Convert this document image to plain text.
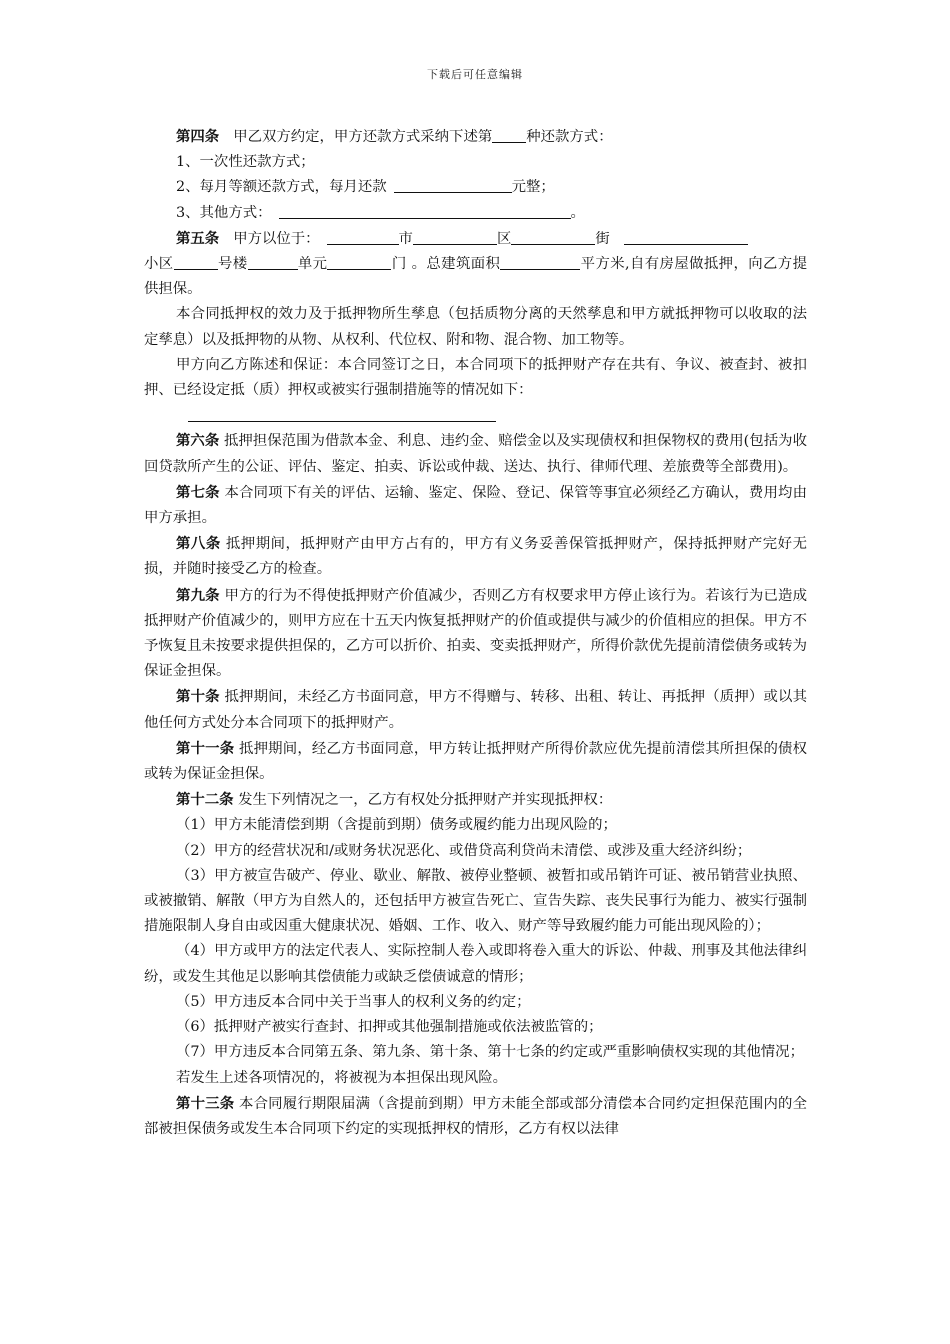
下载后可任意编辑

第四条 甲乙双方约定，甲方还款方式采纳下述第 种还款方式：

1、一次性还款方式；

2、每月等额还款方式，每月还款	元整；

3、其他方式：	。

第五条 甲方以位于：	市	区	街
小区	号楼	单元	门 。总建筑面积	平方米,自有房屋做抵押，向乙方提供担保。

本合同抵押权的效力及于抵押物所生孳息（包括质物分离的天然孳息和甲方就抵押物可以收取的法定孳息）以及抵押物的从物、从权利、代位权、附和物、混合物、加工物等。

甲方向乙方陈述和保证：本合同签订之日，本合同项下的抵押财产存在共有、争议、被查封、被扣押、已经设定抵（质）押权或被实行强制措施等的情况如下：

第六条 抵押担保范围为借款本金、利息、违约金、赔偿金以及实现债权和担保物权的费用(包括为收回贷款所产生的公证、评估、鉴定、拍卖、诉讼或仲裁、送达、执行、律师代理、差旅费等全部费用)。

第七条 本合同项下有关的评估、运输、鉴定、保险、登记、保管等事宜必须经乙方确认，费用均由甲方承担。

第八条 抵押期间，抵押财产由甲方占有的，甲方有义务妥善保管抵押财产，保持抵押财产完好无损，并随时接受乙方的检查。

第九条 甲方的行为不得使抵押财产价值减少，否则乙方有权要求甲方停止该行为。若该行为已造成抵押财产价值减少的，则甲方应在十五天内恢复抵押财产的价值或提供与减少的价值相应的担保。甲方不予恢复且未按要求提供担保的，乙方可以折价、拍卖、变卖抵押财产，所得价款优先提前清偿债务或转为保证金担保。

第十条 抵押期间，未经乙方书面同意，甲方不得赠与、转移、出租、转让、再抵押（质押）或以其他任何方式处分本合同项下的抵押财产。

第十一条 抵押期间，经乙方书面同意，甲方转让抵押财产所得价款应优先提前清偿其所担保的债权或转为保证金担保。

第十二条 发生下列情况之一，乙方有权处分抵押财产并实现抵押权：

（1）甲方未能清偿到期（含提前到期）债务或履约能力出现风险的；

（2）甲方的经营状况和/或财务状况恶化、或借贷高利贷尚未清偿、或涉及重大经济纠纷；

（3）甲方被宣告破产、停业、歇业、解散、被停业整顿、被暂扣或吊销许可证、被吊销营业执照、或被撤销、解散（甲方为自然人的，还包括甲方被宣告死亡、宣告失踪、丧失民事行为能力、被实行强制措施限制人身自由或因重大健康状况、婚姻、工作、收入、财产等导致履约能力可能出现风险的）；

（4）甲方或甲方的法定代表人、实际控制人卷入或即将卷入重大的诉讼、仲裁、刑事及其他法律纠纷，或发生其他足以影响其偿债能力或缺乏偿债诚意的情形；

（5）甲方违反本合同中关于当事人的权利义务的约定；

（6）抵押财产被实行查封、扣押或其他强制措施或依法被监管的；

（7）甲方违反本合同第五条、第九条、第十条、第十七条的约定或严重影响债权实现的其他情况；

若发生上述各项情况的，将被视为本担保出现风险。

第十三条 本合同履行期限届满（含提前到期）甲方未能全部或部分清偿本合同约定担保范围内的全部被担保债务或发生本合同项下约定的实现抵押权的情形，乙方有权以法律
